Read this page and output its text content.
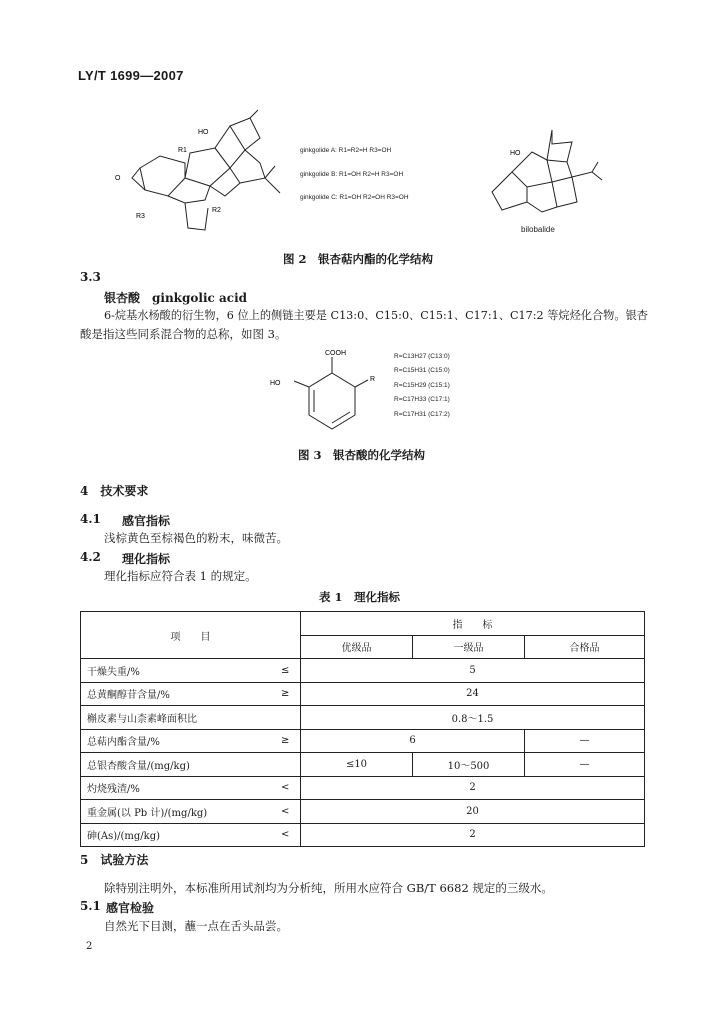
LY/T 1699—2007
HO
R1
R2
R3
O
ginkgolide A: R1=R2=H R3=OH
ginkgolide B: R1=OH R2=H R3=OH
ginkgolide C: R1=OH R2=OH R3=OH
HO
bilobalide
图 2　银杏萜内酯的化学结构
3.3
银杏酸　ginkgolic acid
6-烷基水杨酸的衍生物，6 位上的侧链主要是 C13:0、C15:0、C15:1、C17:1、C17:2 等烷烃化合物。银杏
酸是指这些同系混合物的总称，如图 3。
COOH
HO
R
R=C13H27 (C13:0)
R=C15H31 (C15:0)
R=C15H29 (C15:1)
R=C17H33 (C17:1)
R=C17H31 (C17:2)
图 3　银杏酸的化学结构
4　技术要求
4.1 感官指标
浅棕黄色至棕褐色的粉末，味微苦。
4.2 理化指标
理化指标应符合表 1 的规定。
表 1　理化指标
项　　目		指　　标		
		优级品	一级品	合格品
干燥失重/%	≤	5		
总黄酮醇苷含量/%	≥	24		
槲皮素与山柰素峰面积比		0.8～1.5		
总萜内酯含量/%	≥	6		—
总银杏酸含量/(mg/kg)		≤10	10～500	—
灼烧残渣/%	<	2		
重金属(以 Pb 计)/(mg/kg)	<	20		
砷(As)/(mg/kg)	<	2		
5　试验方法
除特别注明外，本标准所用试剂均为分析纯，所用水应符合 GB/T 6682 规定的三级水。
5.1 感官检验
自然光下目测，蘸一点在舌头品尝。
2
